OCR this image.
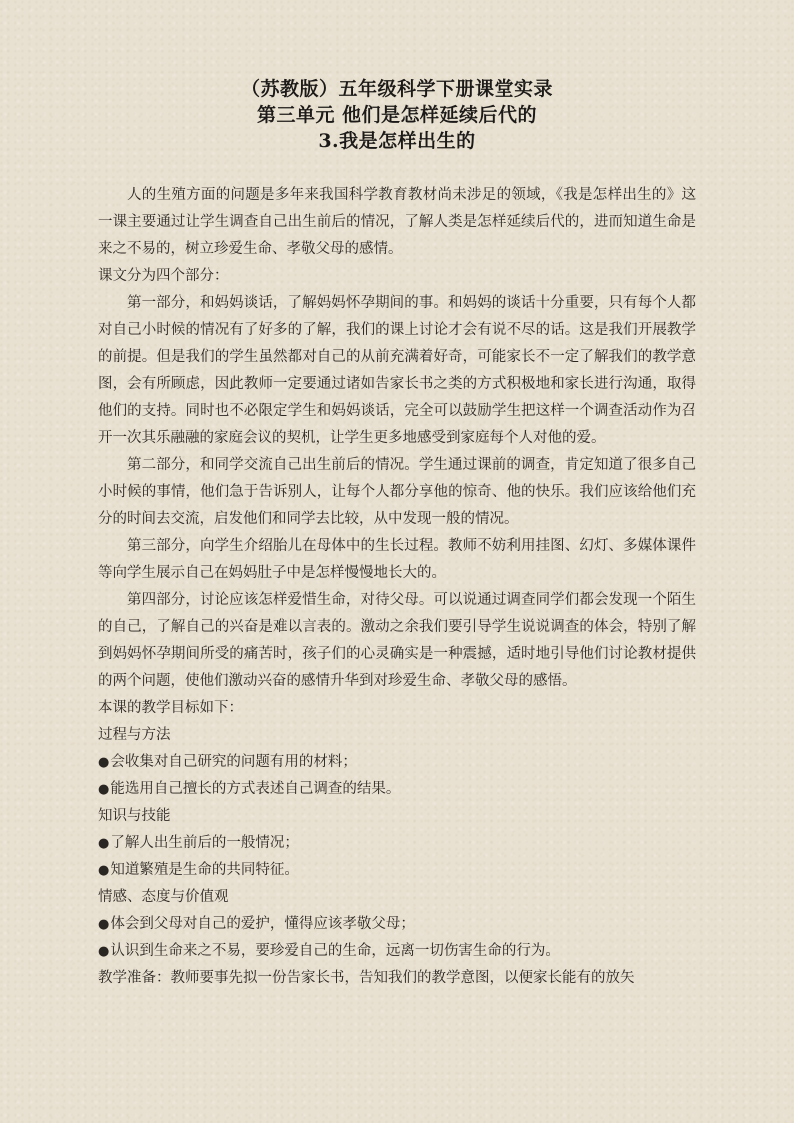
（苏教版）五年级科学下册课堂实录
第三单元 他们是怎样延续后代的
3.我是怎样出生的

人的生殖方面的问题是多年来我国科学教育教材尚未涉足的领域，《我是怎样出生的》这一课主要通过让学生调查自己出生前后的情况，了解人类是怎样延续后代的，进而知道生命是来之不易的，树立珍爱生命、孝敬父母的感情。

课文分为四个部分：

第一部分，和妈妈谈话，了解妈妈怀孕期间的事。和妈妈的谈话十分重要，只有每个人都对自己小时候的情况有了好多的了解，我们的课上讨论才会有说不尽的话。这是我们开展教学的前提。但是我们的学生虽然都对自己的从前充满着好奇，可能家长不一定了解我们的教学意图，会有所顾虑，因此教师一定要通过诸如告家长书之类的方式积极地和家长进行沟通，取得他们的支持。同时也不必限定学生和妈妈谈话，完全可以鼓励学生把这样一个调查活动作为召开一次其乐融融的家庭会议的契机，让学生更多地感受到家庭每个人对他的爱。

第二部分，和同学交流自己出生前后的情况。学生通过课前的调查，肯定知道了很多自己小时候的事情，他们急于告诉别人，让每个人都分享他的惊奇、他的快乐。我们应该给他们充分的时间去交流，启发他们和同学去比较，从中发现一般的情况。

第三部分，向学生介绍胎儿在母体中的生长过程。教师不妨利用挂图、幻灯、多媒体课件等向学生展示自己在妈妈肚子中是怎样慢慢地长大的。

第四部分，讨论应该怎样爱惜生命，对待父母。可以说通过调查同学们都会发现一个陌生的自己，了解自己的兴奋是难以言表的。激动之余我们要引导学生说说调查的体会，特别了解到妈妈怀孕期间所受的痛苦时，孩子们的心灵确实是一种震撼，适时地引导他们讨论教材提供的两个问题，使他们激动兴奋的感情升华到对珍爱生命、孝敬父母的感悟。

本课的教学目标如下：

过程与方法

●会收集对自己研究的问题有用的材料；

●能选用自己擅长的方式表述自己调查的结果。

知识与技能

●了解人出生前后的一般情况；

●知道繁殖是生命的共同特征。

情感、态度与价值观

●体会到父母对自己的爱护，懂得应该孝敬父母；

●认识到生命来之不易，要珍爱自己的生命，远离一切伤害生命的行为。

教学准备：教师要事先拟一份告家长书，告知我们的教学意图，以便家长能有的放矢
